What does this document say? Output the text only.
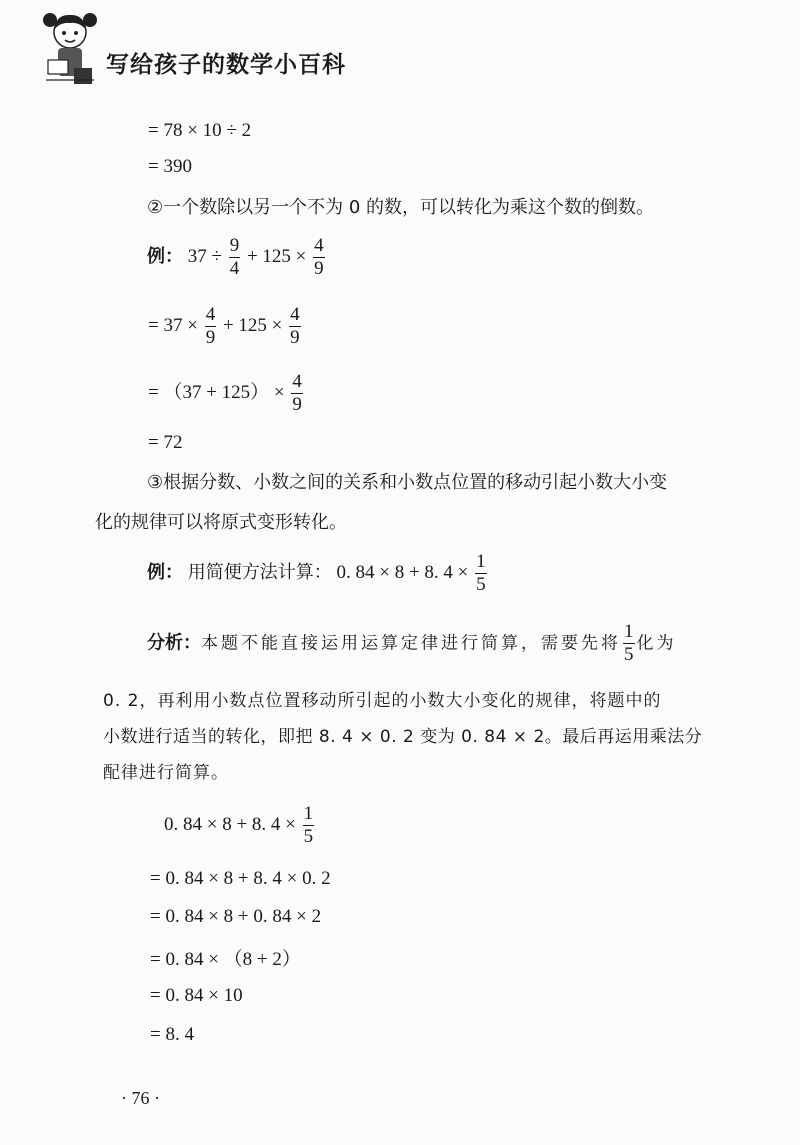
写给孩子的数学小百科
= 78 × 10 ÷ 2
= 390
②一个数除以另一个不为 0 的数，可以转化为乘这个数的倒数。
例： $37 \div \frac{9}{4} + 125 \times \frac{4}{9}$
= $37 \times \frac{4}{9} + 125 \times \frac{4}{9}$
= $(37 + 125) \times \frac{4}{9}$
= 72
③根据分数、小数之间的关系和小数点位置的移动引起小数大小变
化的规律可以将原式变形转化。
例： 用简便方法计算： 0. 84 × 8 + 8. $4 \times \frac{1}{5}$
分析：本题不能直接运用运算定律进行简算，需要先将 $\frac{1}{5}$ 化为
0. 2，再利用小数点位置移动所引起的小数大小变化的规律，将题中的
小数进行适当的转化，即把 8. 4 × 0. 2 变为 0. 84 × 2。最后再运用乘法分
配律进行简算。
0. 84 × 8 + 8. $4 \times \frac{1}{5}$
= 0. 84 × 8 + 8. 4 × 0. 2
= 0. 84 × 8 + 0. 84 × 2
= 0. 84 × （8 + 2）
= 0. 84 × 10
= 8. 4
· 76 ·
